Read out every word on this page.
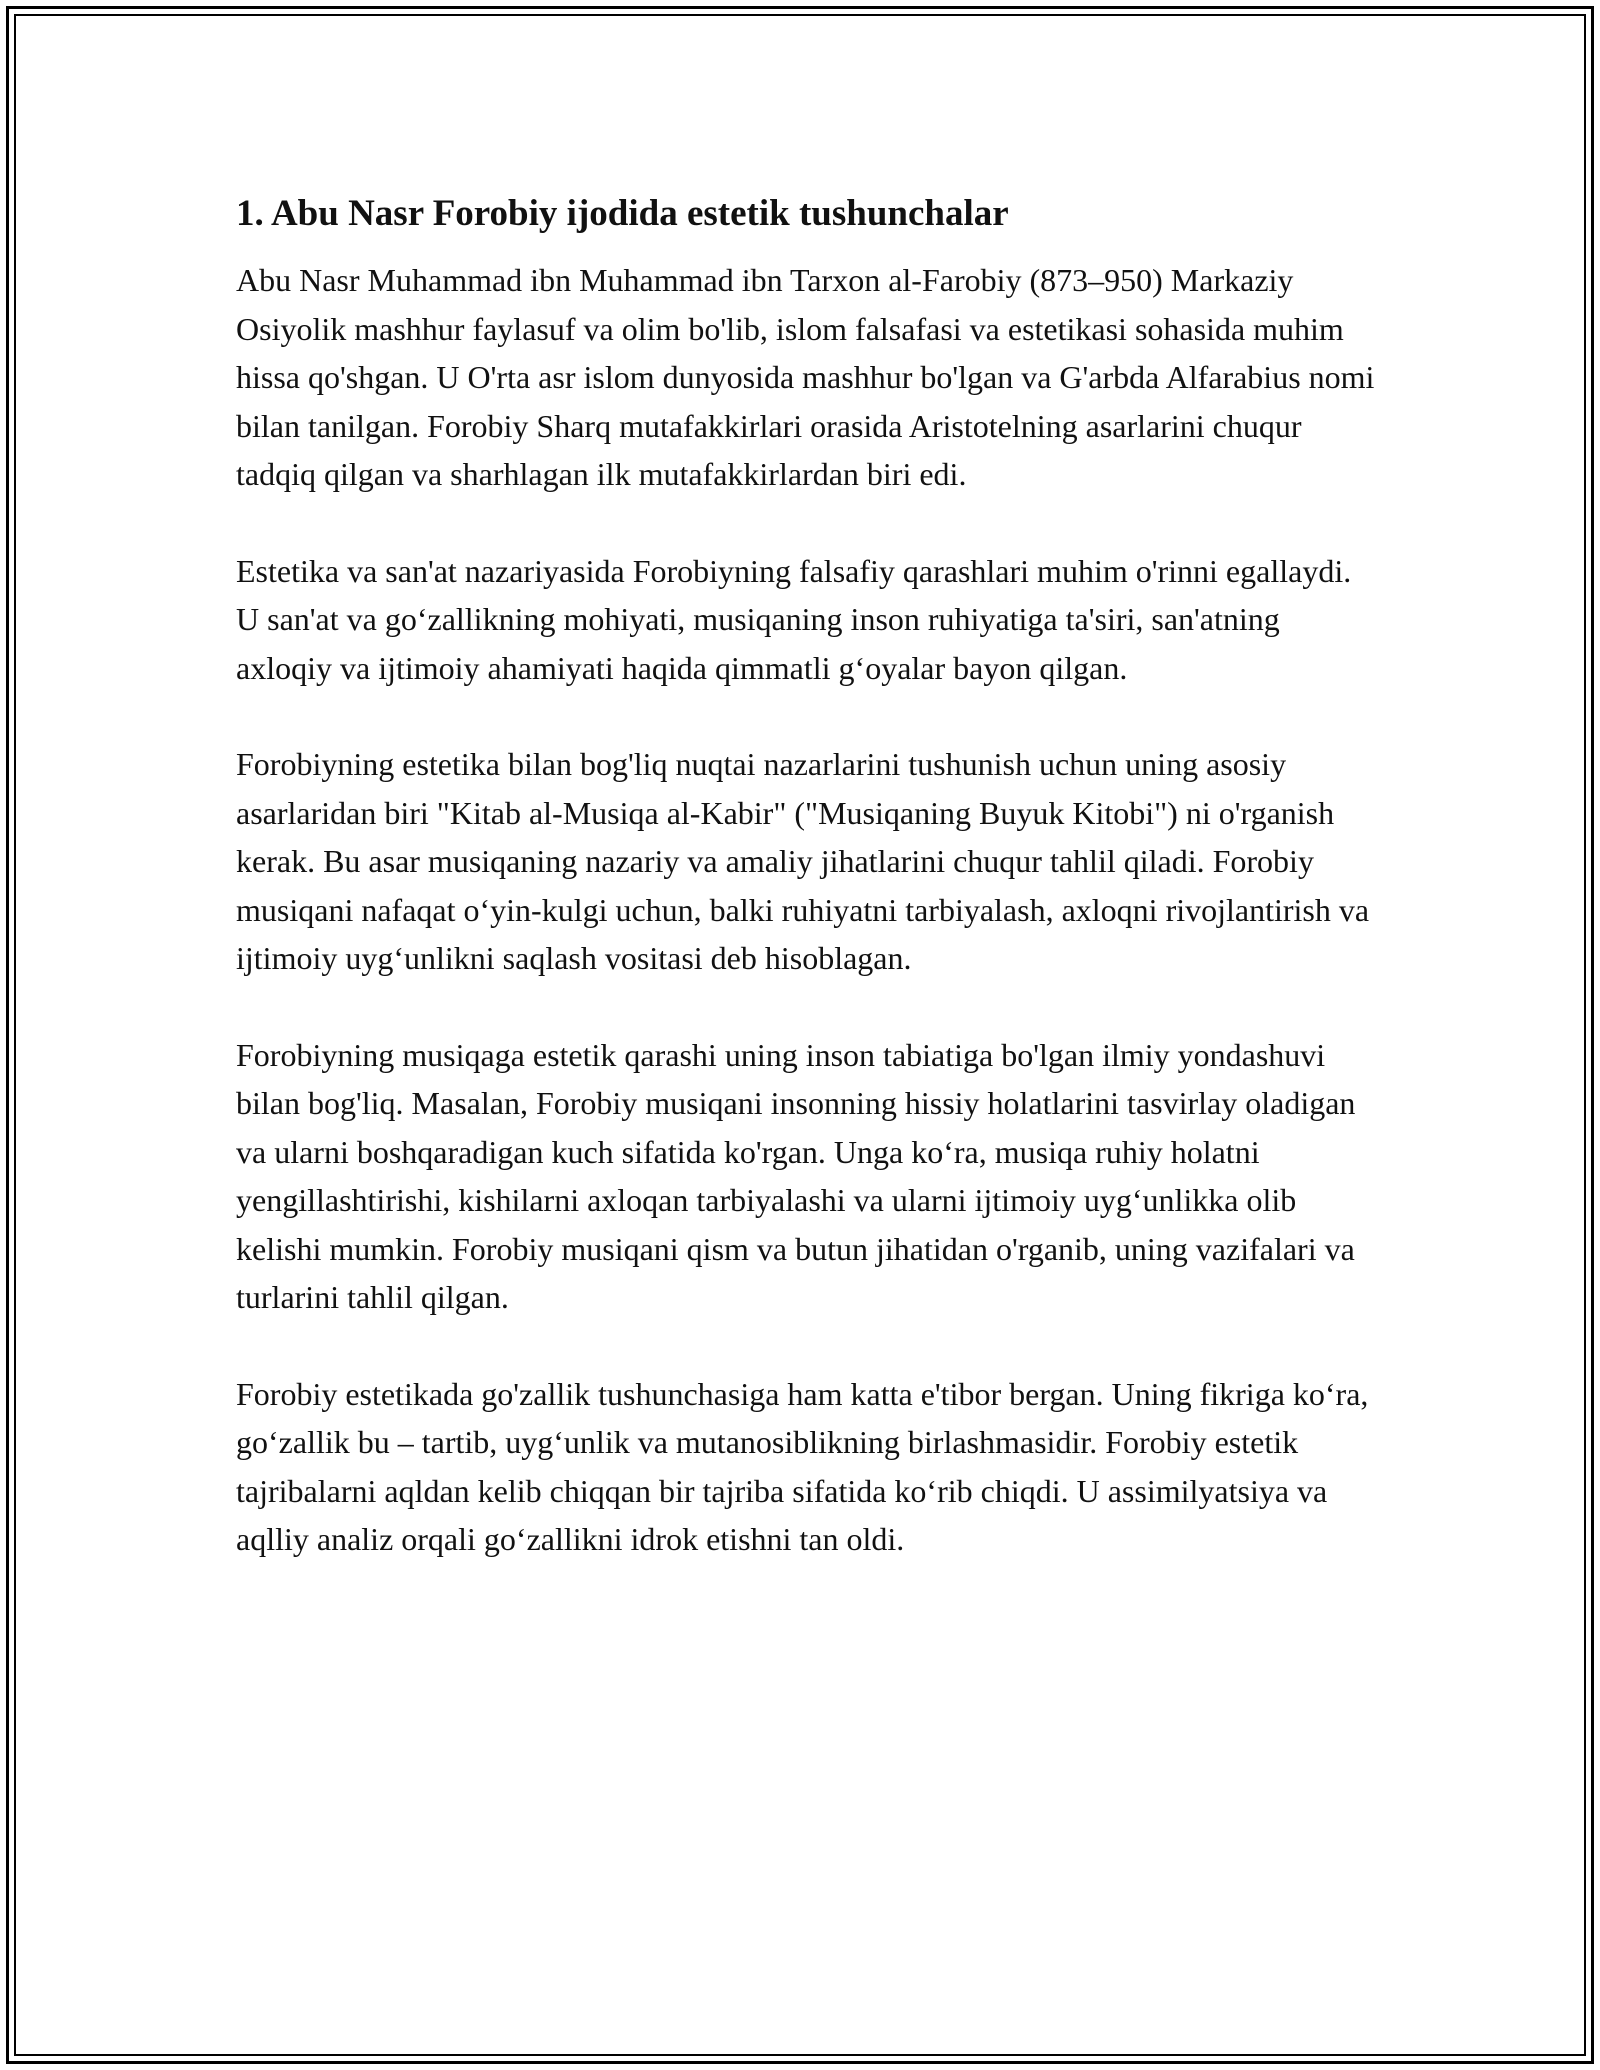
1. Abu Nasr Forobiy ijodida estetik tushunchalar

Abu Nasr Muhammad ibn Muhammad ibn Tarxon al-Farobiy (873–950) Markaziy Osiyolik mashhur faylasuf va olim bo'lib, islom falsafasi va estetikasi sohasida muhim hissa qo'shgan. U O'rta asr islom dunyosida mashhur bo'lgan va G'arbda Alfarabius nomi bilan tanilgan. Forobiy Sharq mutafakkirlari orasida Aristotelning asarlarini chuqur tadqiq qilgan va sharhlagan ilk mutafakkirlardan biri edi.

Estetika va san'at nazariyasida Forobiyning falsafiy qarashlari muhim o'rinni egallaydi. U san'at va go‘zallikning mohiyati, musiqaning inson ruhiyatiga ta'siri, san'atning axloqiy va ijtimoiy ahamiyati haqida qimmatli g‘oyalar bayon qilgan.

Forobiyning estetika bilan bog'liq nuqtai nazarlarini tushunish uchun uning asosiy asarlaridan biri "Kitab al-Musiqa al-Kabir" ("Musiqaning Buyuk Kitobi") ni o'rganish kerak. Bu asar musiqaning nazariy va amaliy jihatlarini chuqur tahlil qiladi. Forobiy musiqani nafaqat o‘yin-kulgi uchun, balki ruhiyatni tarbiyalash, axloqni rivojlantirish va ijtimoiy uyg‘unlikni saqlash vositasi deb hisoblagan.

Forobiyning musiqaga estetik qarashi uning inson tabiatiga bo'lgan ilmiy yondashuvi bilan bog'liq. Masalan, Forobiy musiqani insonning hissiy holatlarini tasvirlay oladigan va ularni boshqaradigan kuch sifatida ko'rgan. Unga ko‘ra, musiqa ruhiy holatni yengillashtirishi, kishilarni axloqan tarbiyalashi va ularni ijtimoiy uyg‘unlikka olib kelishi mumkin. Forobiy musiqani qism va butun jihatidan o'rganib, uning vazifalari va turlarini tahlil qilgan.

Forobiy estetikada go'zallik tushunchasiga ham katta e'tibor bergan. Uning fikriga ko‘ra, go‘zallik bu – tartib, uyg‘unlik va mutanosiblikning birlashmasidir. Forobiy estetik tajribalarni aqldan kelib chiqqan bir tajriba sifatida ko‘rib chiqdi. U assimilyatsiya va aqlliy analiz orqali go‘zallikni idrok etishni tan oldi.
